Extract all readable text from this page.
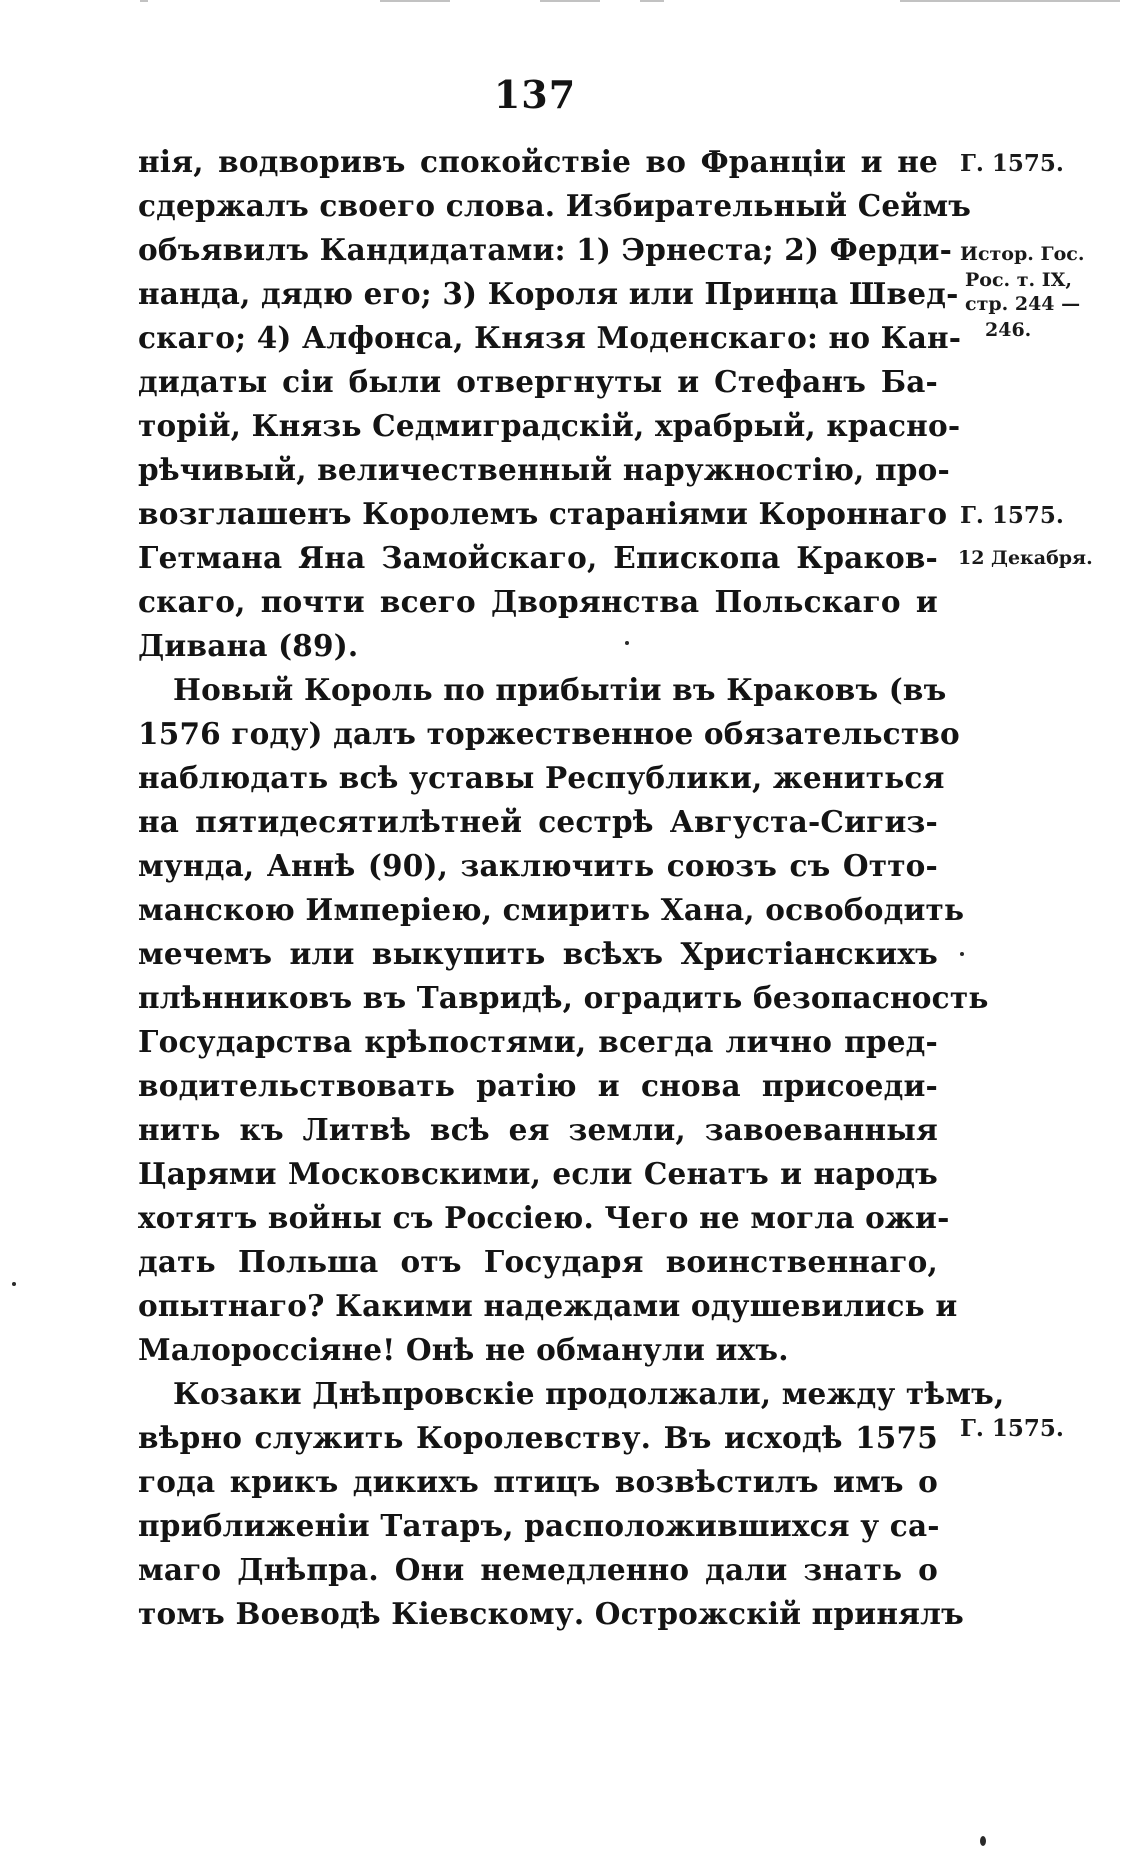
137
нія, водворивъ спокойствіе во Франціи и не
сдержалъ своего слова. Избирательный Сеймъ
объявилъ Кандидатами: 1) Эрнеста; 2) Ферди-
нанда, дядю его; 3) Короля или Принца Швед-
скаго; 4) Алфонса, Князя Моденскаго: но Кан-
дидаты сіи были отвергнуты и Стефанъ Ба-
торій, Князь Седмиградскій, храбрый, красно-
рѣчивый, величественный наружностію, про-
возглашенъ Королемъ стараніями Короннаго
Гетмана Яна Замойскаго, Епископа Краков-
скаго, почти всего Дворянства Польскаго и
Дивана (89).
Новый Король по прибытіи въ Краковъ (въ
1576 году) далъ торжественное обязательство
наблюдать всѣ уставы Республики, жениться
на пятидесятилѣтней сестрѣ Августа-Сигиз-
мунда, Аннѣ (90), заключить союзъ съ Отто-
манскою Имперіею, смирить Хана, освободить
мечемъ или выкупить всѣхъ Христіанскихъ
плѣнниковъ въ Тавридѣ, оградить безопасность
Государства крѣпостями, всегда лично пред-
водительствовать ратію и снова присоеди-
нить къ Литвѣ всѣ ея земли, завоеванныя
Царями Московскими, если Сенатъ и народъ
хотятъ войны съ Россіею. Чего не могла ожи-
дать Польша отъ Государя воинственнаго,
опытнаго? Какими надеждами одушевились и
Малороссіяне! Онѣ не обманули ихъ.
Козаки Днѣпровскіе продолжали, между тѣмъ,
вѣрно служить Королевству. Въ исходѣ 1575
года крикъ дикихъ птицъ возвѣстилъ имъ о
приближеніи Татаръ, расположившихся у са-
маго Днѣпра. Они немедленно дали знать о
томъ Воеводѣ Кіевскому. Острожскій принялъ
Г. 1575.
Истор. Гос.
Рос. т. IX,
стр. 244 —
246.
Г. 1575.
12 Декабря.
Г. 1575.
